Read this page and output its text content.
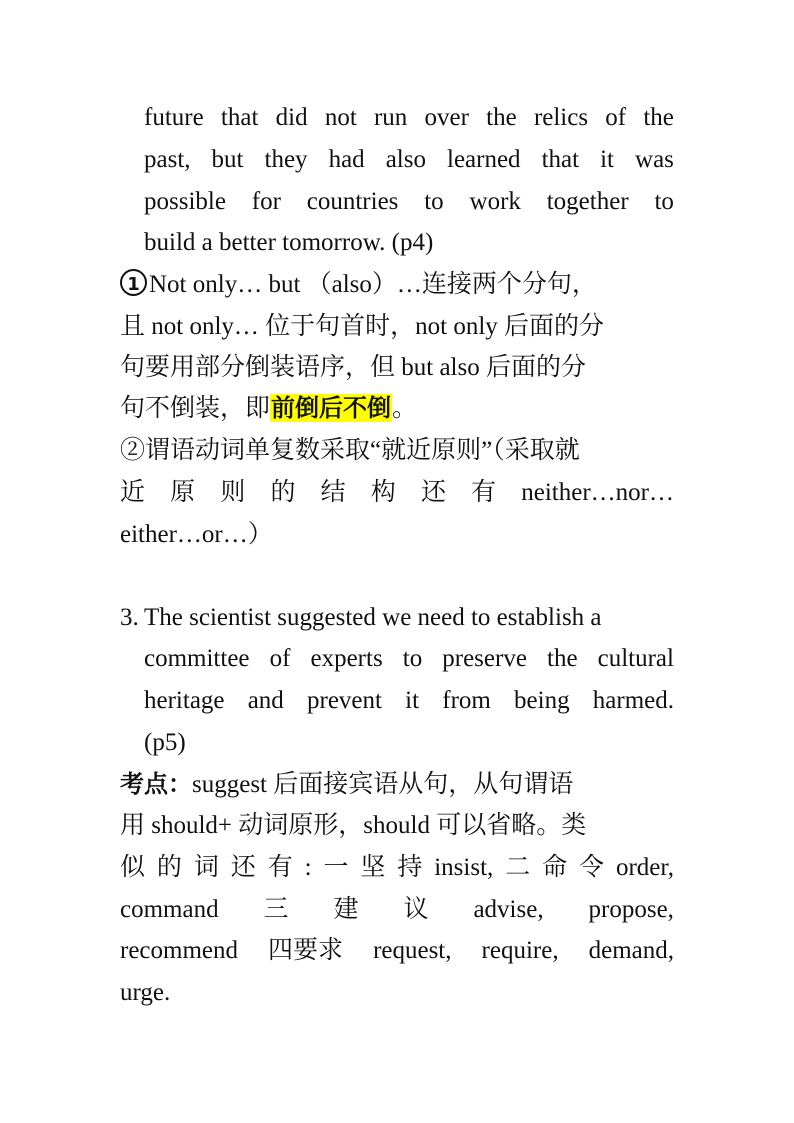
future that did not run over the relics of the
past, but they had also learned that it was
possible for countries to work together to
build a better tomorrow. (p4)
1 Not only… but （also）…连接两个分句，
且 not only… 位于句首时，not only 后面的分
句要用部分倒装语序，但 but also 后面的分
句不倒装，即前倒后不倒。
②谓语动词单复数采取“就近原则”（采取就
近 原 则 的 结 构 还 有 neither…nor…
either…or…）
3. The scientist suggested we need to establish a
committee of experts to preserve the cultural
heritage and prevent it from being harmed.
(p5)
考点：suggest 后面接宾语从句，从句谓语
用 should+ 动词原形，should 可以省略。类
似 的 词 还 有 : 一 坚 持 insist, 二 命 令 order,
command 三 建 议 advise, propose,
recommend 四要求 request, require, demand,
urge.
